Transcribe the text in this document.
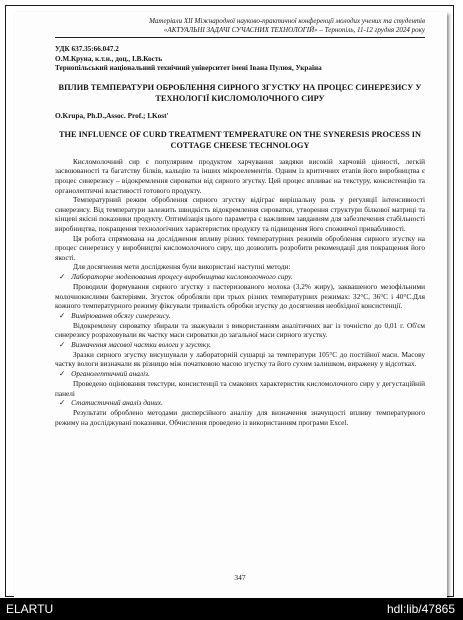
Матеріали ХІІ Міжнародної науково-практичної конференції молодих учених та студентів
«АКТУАЛЬНІ ЗАДАЧІ СУЧАСНИХ ТЕХНОЛОГІЙ» – Тернопіль, 11-12 грудня 2024 року
УДК 637.35:66.047.2
О.М.Круна, к.т.н., доц., І.В.Кость
Тернопільський національний технічний університет імені Івана Пулюя, Україна
ВПЛИВ ТЕМПЕРАТУРИ ОБРОБЛЕННЯ СИРНОГО ЗГУСТКУ НА ПРОЦЕС СИНЕРЕЗИСУ У ТЕХНОЛОГІЇ КИСЛОМОЛОЧНОГО СИРУ
O.Krupa, Ph.D.,Assoc. Prof.; I.Kost'
THE INFLUENCE OF CURD TREATMENT TEMPERATURE ON THE SYNERESIS PROCESS IN COTTAGE CHEESE TECHNOLOGY

Кисломолочний сир є популярним продуктом харчування завдяки високій харчовій цінності, легкій засвоюваності та багатству білків, кальцію та інших мікроелементів. Одним із критичних етапів його виробництва є процес синерезису – відокремлення сироватки від сирного згустку. Цей процес впливає на текстуру, консистенцію та органолептичні властивості готового продукту.

Температурний режим оброблення сирного згустку відіграє вирішальну роль у регуляції інтенсивності синерезису. Від температури залежить швидкість відокремлення сироватки, утворення структури білкової матриці та кінцеві якісні показники продукту. Оптимізація цього параметра є важливим завданням для забезпечення стабільності виробництва, покращення технологічних характеристик продукту та підвищення його споживчої привабливості.

Ця робота спрямована на дослідження впливу різних температурних режимів оброблення сирного згустку на процес синерезису у виробництві кисломолочного сиру, що дозволить розробити рекомендації для покращення його якості.

Для досягнення мети дослідження були використані наступні методи:

✓ Лабораторне моделювання процесу виробництва кисломолочного сиру.

Проводили формування сирного згустку з пастеризованого молока (3,2% жиру), заквашеного мезофільними молочнокислими бактеріями. Згусток обробляли при трьох різних температурних режимах: 32°С, 36°С і 40°С.Для кожного температурного режиму фіксували тривалість обробки згустку до досягнення необхідної консистенції.

✓ Вимірювання обсягу синерезису.

Відокремлену сироватку збирали та зважували з використанням аналітичних ваг із точністю до 0,01 г. Об'єм синерезису розраховували як частку маси сироватки до загальної маси сирного згустку.

✓ Визначення масової частки вологи у згустку.

Зразки сирного згустку висушували у лабораторній сушарці за температури 105°С до постійної маси. Масову частку вологи визначали як різницю між початковою масою згустку та його сухим залишком, виражену у відсотках.

✓ Органолептичний аналіз.

Проведено оцінювання текстури, консистенції та смакових характеристик кисломолочного сиру у дегустаційній панелі

✓ Статистичний аналіз даних.

Результати оброблено методами дисперсійного аналізу для визначення значущості впливу температурного режиму на досліджувані показники. Обчислення проведено із використанням програми Excel.

347
ELARTU	hdl:lib/47865
